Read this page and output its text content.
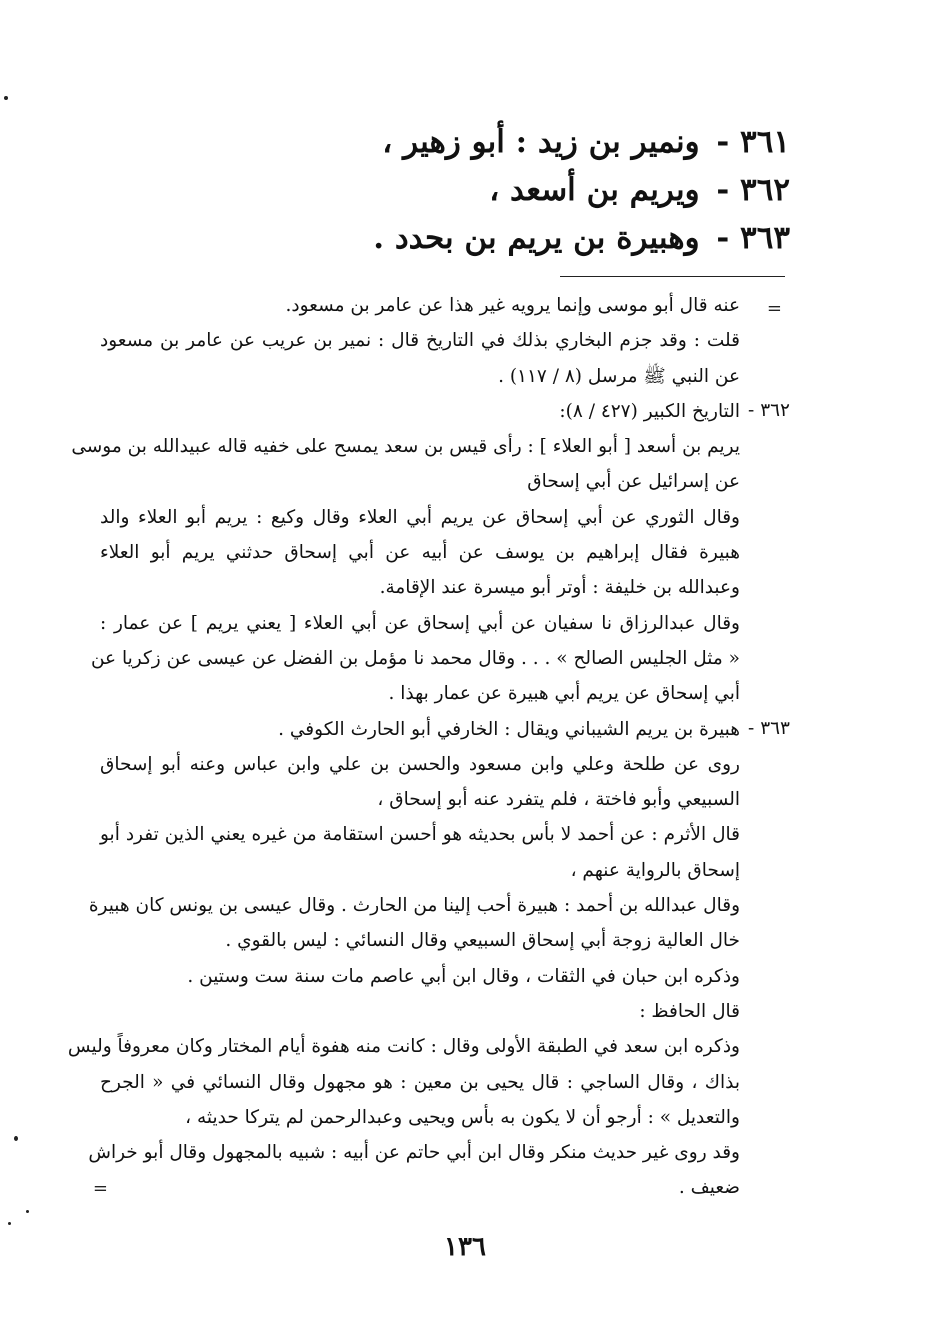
٣٦١ - ونمير بن زيد : أبو زهير ،
٣٦٢ - ويريم بن أسعد ،
٣٦٣ - وهبيرة بن يريم بن بحدد .
=
=
٣٦٢ -
٣٦٣ -
عنه قال أبو موسى وإنما يرويه غير هذا عن عامر بن مسعود.
قلت : وقد جزم البخاري بذلك في التاريخ قال : نمير بن عريب عن عامر بن مسعود
عن النبي ﷺ مرسل (٨ / ١١٧) .
التاريخ الكبير (٤٢٧ / ٨):
يريم بن أسعد [ أبو العلاء ] : رأى قيس بن سعد يمسح على خفيه قاله عبيدالله بن موسى
عن إسرائيل عن أبي إسحاق
وقال الثوري عن أبي إسحاق عن يريم أبي العلاء وقال وكيع : يريم أبو العلاء والد
هبيرة فقال إبراهيم بن يوسف عن أبيه عن أبي إسحاق حدثني يريم أبو العلاء
وعبدالله بن خليفة : أوتر أبو ميسرة عند الإقامة.
وقال عبدالرزاق نا سفيان عن أبي إسحاق عن أبي العلاء [ يعني يريم ] عن عمار :
« مثل الجليس الصالح » . . . وقال محمد نا مؤمل بن الفضل عن عيسى عن زكريا عن
أبي إسحاق عن يريم أبي هبيرة عن عمار بهذا .
هبيرة بن يريم الشيباني ويقال : الخارفي أبو الحارث الكوفي .
روى عن طلحة وعلي وابن مسعود والحسن بن علي وابن عباس وعنه أبو إسحاق
السبيعي وأبو فاختة ، فلم يتفرد عنه أبو إسحاق ،
قال الأثرم : عن أحمد لا بأس بحديثه هو أحسن استقامة من غيره يعني الذين تفرد أبو
إسحاق بالرواية عنهم ،
وقال عبدالله بن أحمد : هبيرة أحب إلينا من الحارث . وقال عيسى بن يونس كان هبيرة
خال العالية زوجة أبي إسحاق السبيعي وقال النسائي : ليس بالقوي .
وذكره ابن حبان في الثقات ، وقال ابن أبي عاصم مات سنة ست وستين .
قال الحافظ :
وذكره ابن سعد في الطبقة الأولى وقال : كانت منه هفوة أيام المختار وكان معروفاً وليس
بذاك ، وقال الساجي : قال يحيى بن معين : هو مجهول وقال النسائي في « الجرح
والتعديل » : أرجو أن لا يكون به بأس ويحيى وعبدالرحمن لم يتركا حديثه ،
وقد روى غير حديث منكر وقال ابن أبي حاتم عن أبيه : شبيه بالمجهول وقال أبو خراش
ضعيف .
١٣٦
